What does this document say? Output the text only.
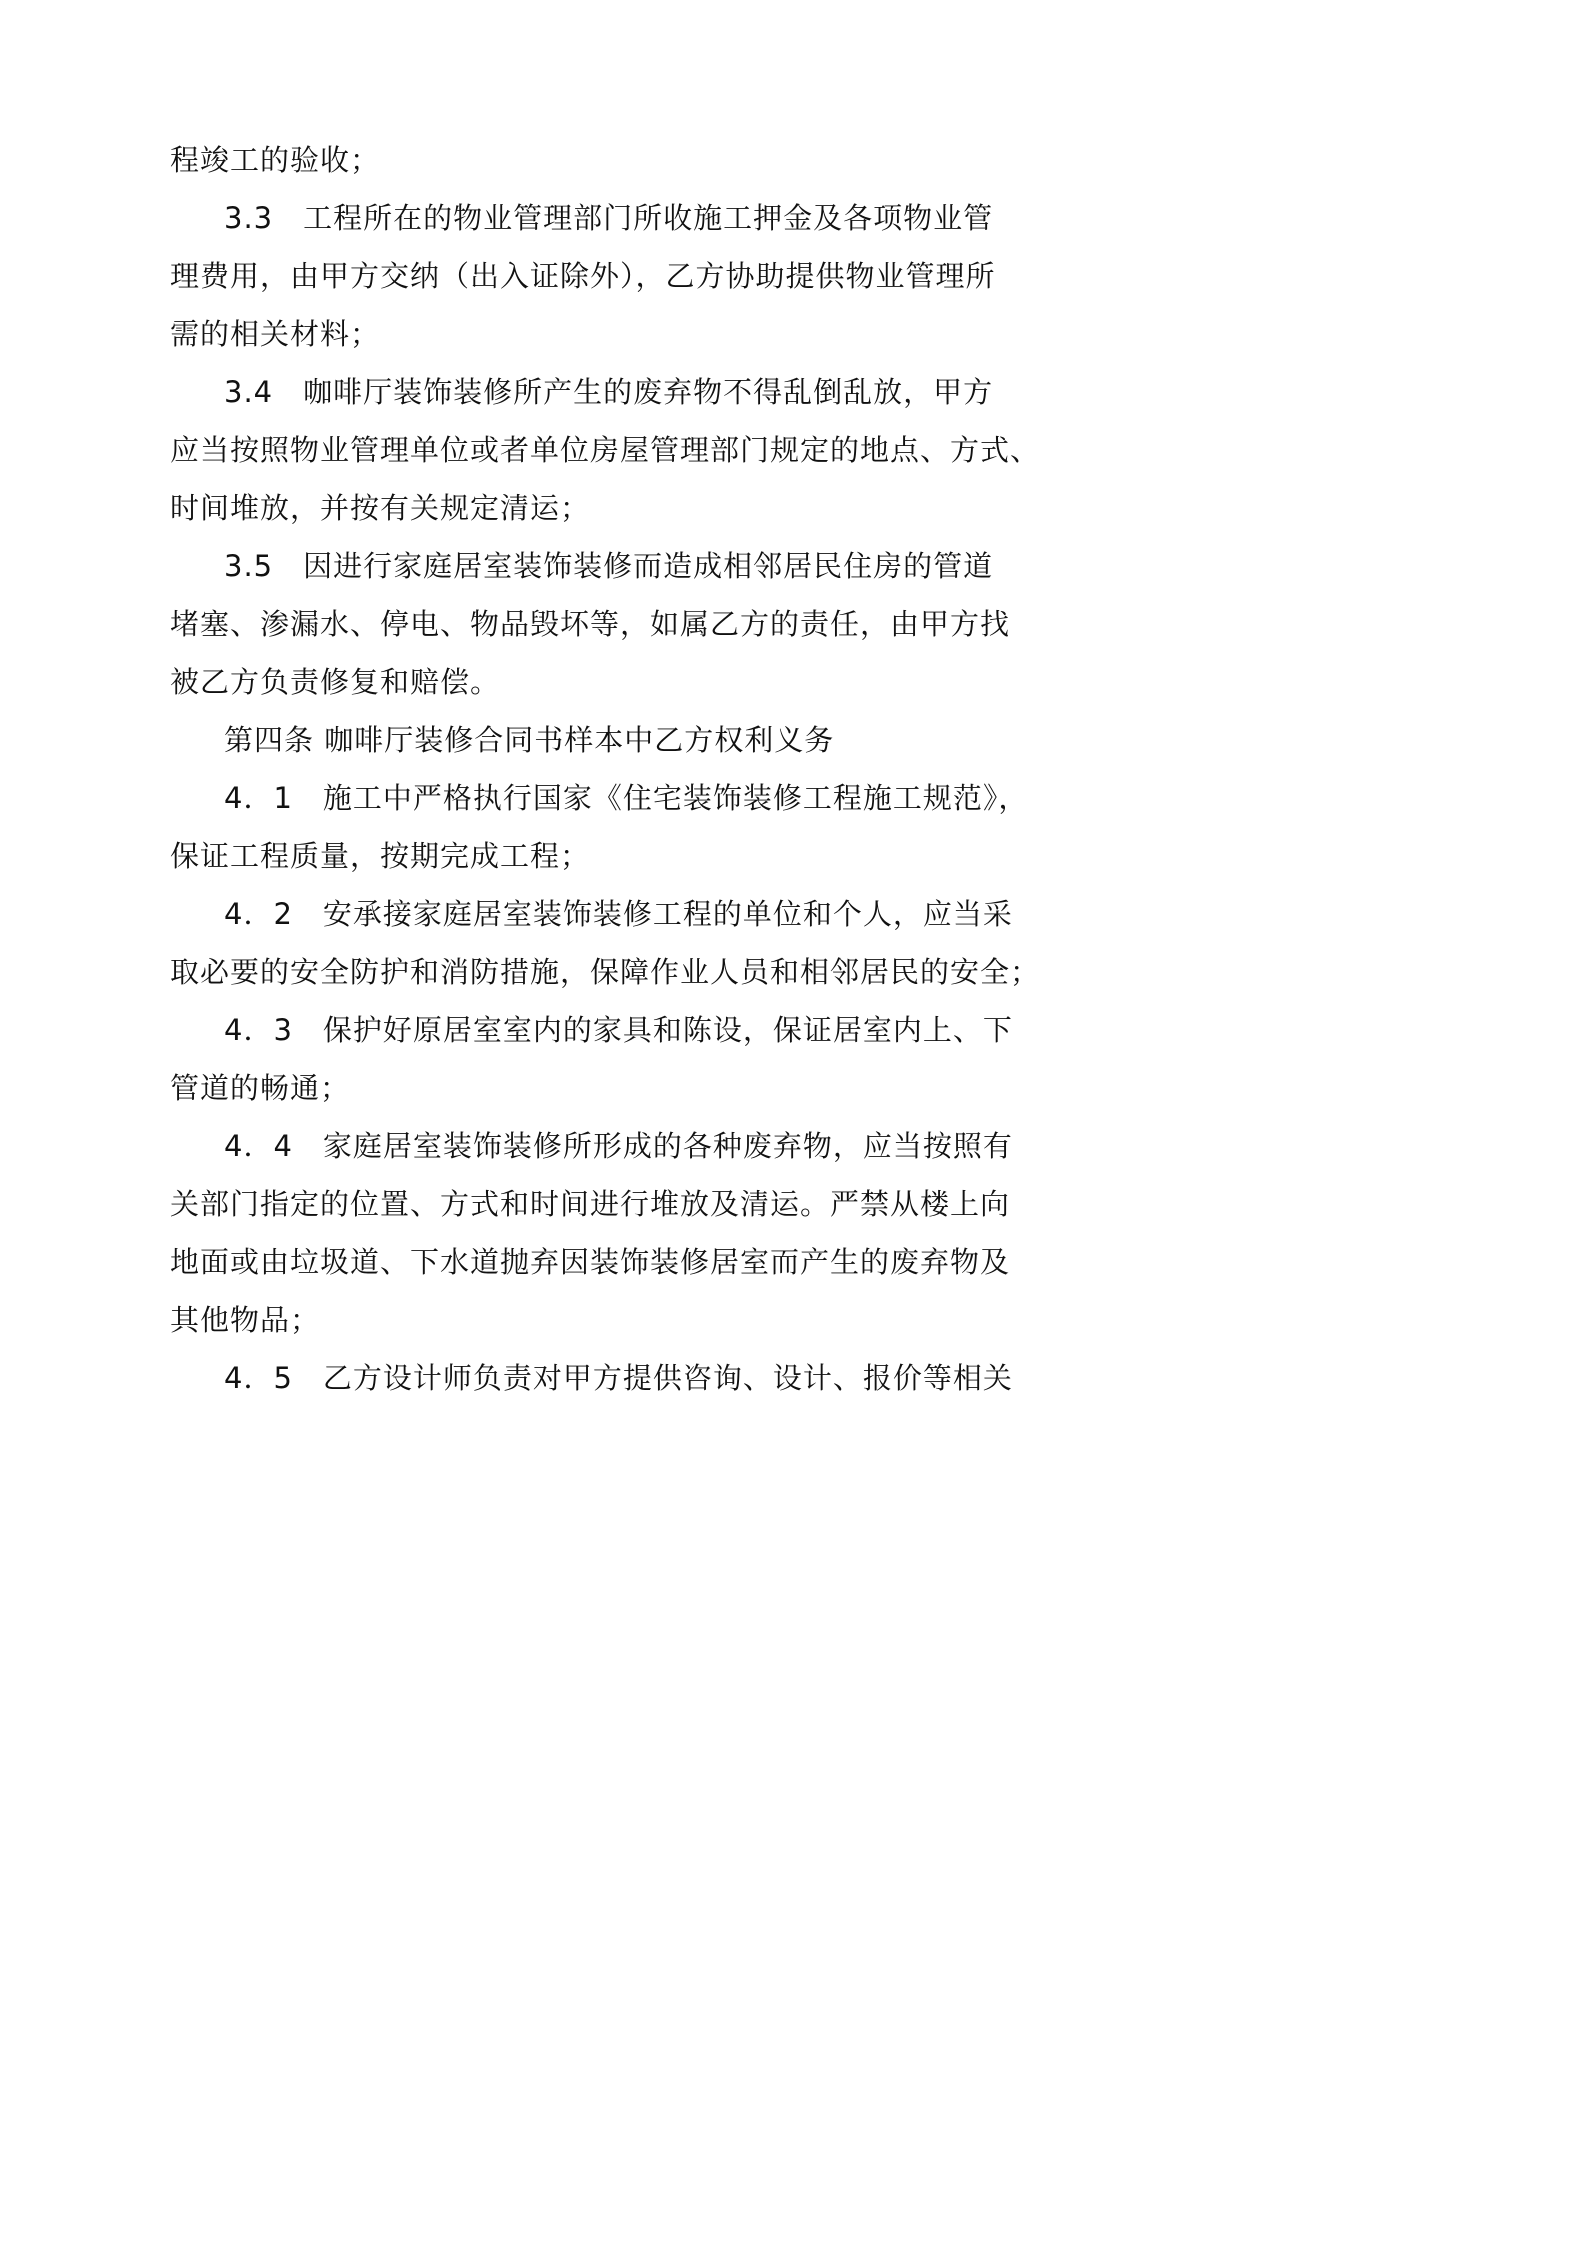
程竣工的验收；
3.3　工程所在的物业管理部门所收施工押金及各项物业管
理费用，由甲方交纳（出入证除外），乙方协助提供物业管理所
需的相关材料；
3.4　咖啡厅装饰装修所产生的废弃物不得乱倒乱放，甲方
应当按照物业管理单位或者单位房屋管理部门规定的地点、方式、
时间堆放，并按有关规定清运；
3.5　因进行家庭居室装饰装修而造成相邻居民住房的管道
堵塞、渗漏水、停电、物品毁坏等，如属乙方的责任，由甲方找
被乙方负责修复和赔偿。
第四条 咖啡厅装修合同书样本中乙方权利义务
4．1　施工中严格执行国家《住宅装饰装修工程施工规范》，
保证工程质量，按期完成工程；
4．2　安承接家庭居室装饰装修工程的单位和个人，应当采
取必要的安全防护和消防措施，保障作业人员和相邻居民的安全；
4．3　保护好原居室室内的家具和陈设，保证居室内上、下
管道的畅通；
4．4　家庭居室装饰装修所形成的各种废弃物，应当按照有
关部门指定的位置、方式和时间进行堆放及清运。严禁从楼上向
地面或由垃圾道、下水道抛弃因装饰装修居室而产生的废弃物及
其他物品；
4．5　乙方设计师负责对甲方提供咨询、设计、报价等相关
